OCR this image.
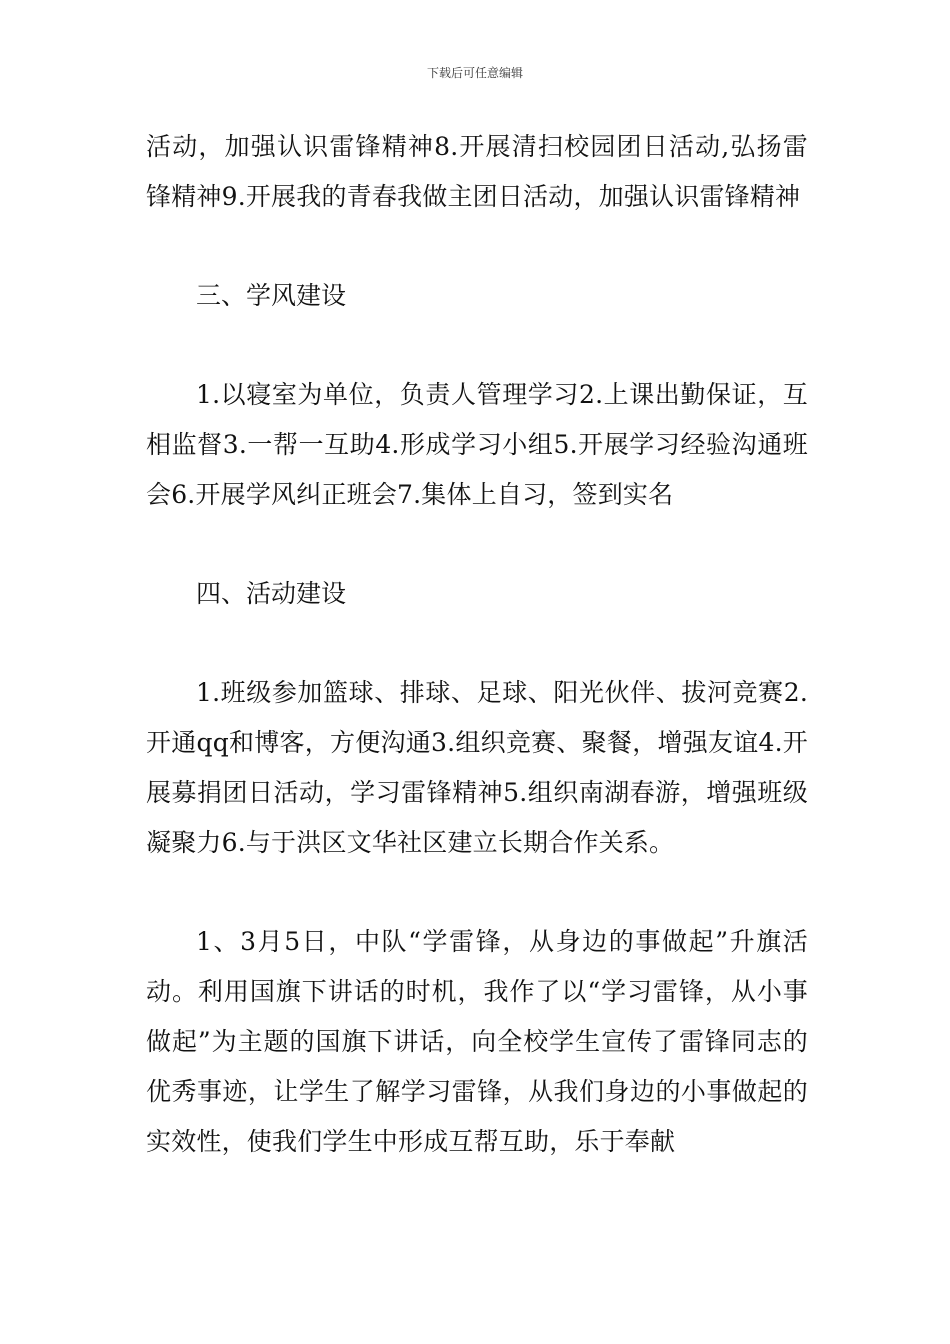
下载后可任意编辑

活动，加强认识雷锋精神8.开展清扫校园团日活动,弘扬雷锋精神9.开展我的青春我做主团日活动，加强认识雷锋精神

三、学风建设

1.以寝室为单位，负责人管理学习2.上课出勤保证，互相监督3.一帮一互助4.形成学习小组5.开展学习经验沟通班会6.开展学风纠正班会7.集体上自习，签到实名

四、活动建设

1.班级参加篮球、排球、足球、阳光伙伴、拔河竞赛2.开通qq和博客，方便沟通3.组织竞赛、聚餐，增强友谊4.开展募捐团日活动，学习雷锋精神5.组织南湖春游，增强班级凝聚力6.与于洪区文华社区建立长期合作关系。

1、3月5日，中队“学雷锋，从身边的事做起”升旗活动。利用国旗下讲话的时机，我作了以“学习雷锋，从小事做起”为主题的国旗下讲话，向全校学生宣传了雷锋同志的优秀事迹，让学生了解学习雷锋，从我们身边的小事做起的实效性，使我们学生中形成互帮互助，乐于奉献
